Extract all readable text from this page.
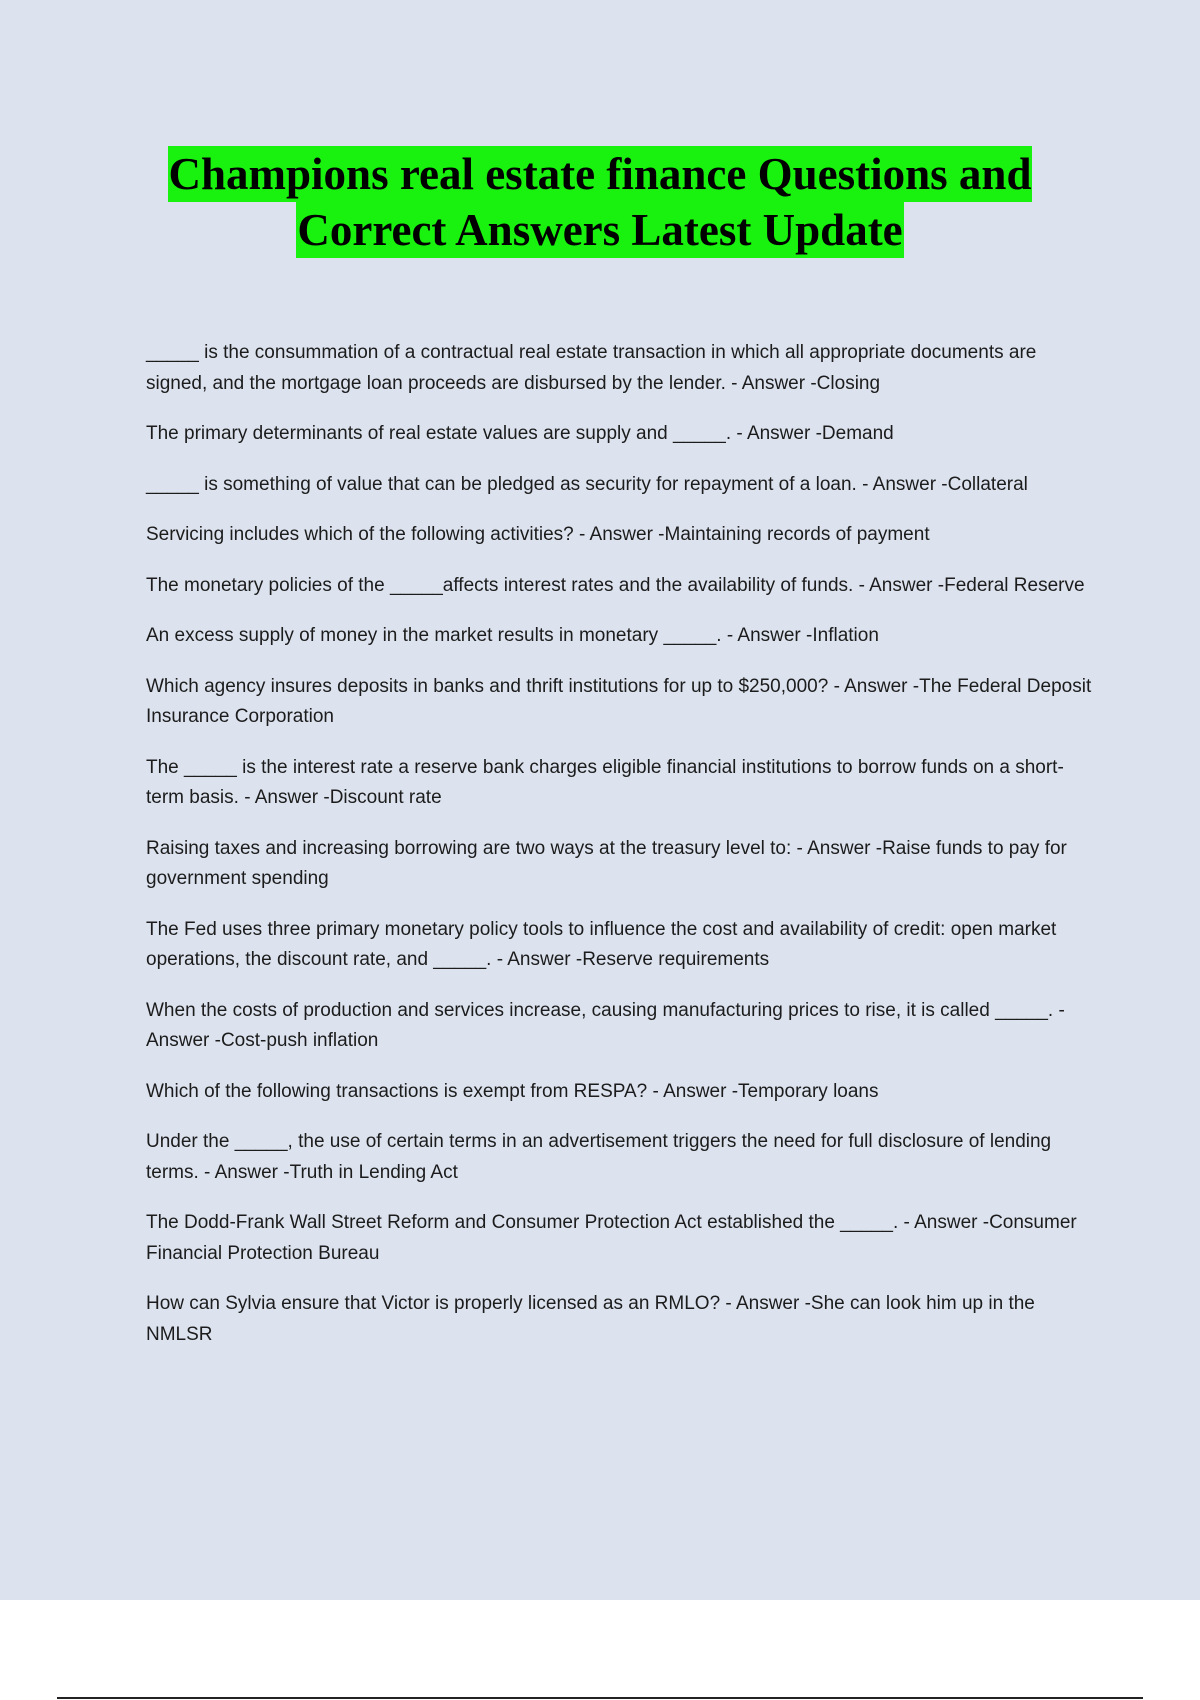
Champions real estate finance Questions and
Correct Answers Latest Update

_____ is the consummation of a contractual real estate transaction in which all appropriate documents are signed, and the mortgage loan proceeds are disbursed by the lender. - Answer -Closing

The primary determinants of real estate values are supply and _____. - Answer -Demand

_____ is something of value that can be pledged as security for repayment of a loan. - Answer -Collateral

Servicing includes which of the following activities? - Answer -Maintaining records of payment

The monetary policies of the _____affects interest rates and the availability of funds. - Answer -Federal Reserve

An excess supply of money in the market results in monetary _____. - Answer -Inflation

Which agency insures deposits in banks and thrift institutions for up to $250,000? - Answer -The Federal Deposit Insurance Corporation

The _____ is the interest rate a reserve bank charges eligible financial institutions to borrow funds on a short-term basis. - Answer -Discount rate

Raising taxes and increasing borrowing are two ways at the treasury level to: - Answer -Raise funds to pay for government spending

The Fed uses three primary monetary policy tools to influence the cost and availability of credit: open market operations, the discount rate, and _____. - Answer -Reserve requirements

When the costs of production and services increase, causing manufacturing prices to rise, it is called _____. - Answer -Cost-push inflation

Which of the following transactions is exempt from RESPA? - Answer -Temporary loans

Under the _____, the use of certain terms in an advertisement triggers the need for full disclosure of lending terms. - Answer -Truth in Lending Act

The Dodd-Frank Wall Street Reform and Consumer Protection Act established the _____. - Answer -Consumer Financial Protection Bureau

How can Sylvia ensure that Victor is properly licensed as an RMLO? - Answer -She can look him up in the NMLSR
